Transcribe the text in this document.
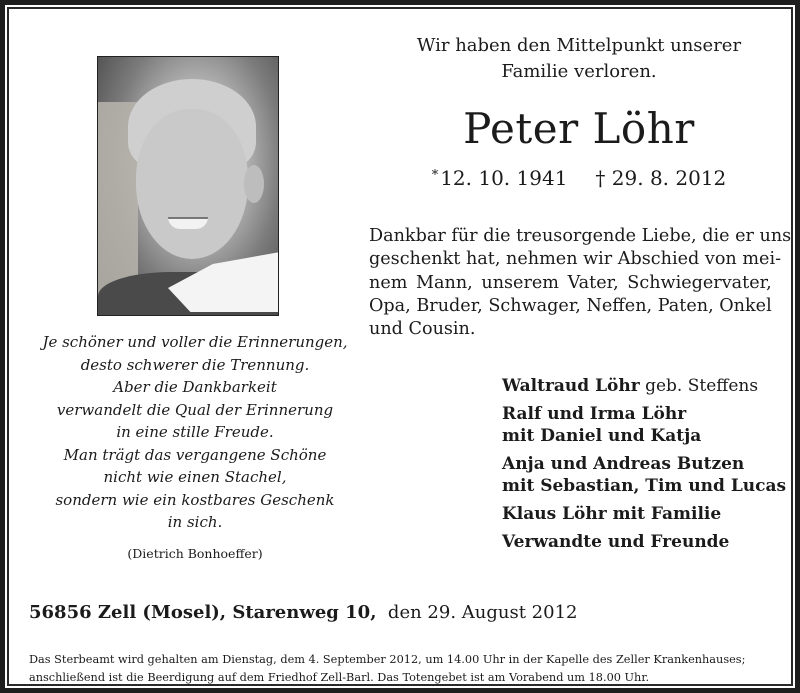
Je schöner und voller die Erinnerungen,
desto schwerer die Trennung.
Aber die Dankbarkeit
verwandelt die Qual der Erinnerung
in eine stille Freude.
Man trägt das vergangene Schöne
nicht wie einen Stachel,
sondern wie ein kostbares Geschenk
in sich.
(Dietrich Bonhoeffer)
Wir haben den Mittelpunkt unserer
Familie verloren.
Peter Löhr
* 12. 10. 1941 † 29. 8. 2012
Dankbar für die treusorgende Liebe, die er uns
geschenkt hat, nehmen wir Abschied von mei-
nem Mann, unserem Vater, Schwiegervater,
Opa, Bruder, Schwager, Neffen, Paten, Onkel
und Cousin.
Waltraud Löhr geb. Steffens
Ralf und Irma Löhr
mit Daniel und Katja
Anja und Andreas Butzen
mit Sebastian, Tim und Lucas
Klaus Löhr mit Familie
Verwandte und Freunde
56856 Zell (Mosel), Starenweg 10, den 29. August 2012
Das Sterbeamt wird gehalten am Dienstag, dem 4. September 2012, um 14.00 Uhr in der Kapelle des Zeller Krankenhauses;
anschließend ist die Beerdigung auf dem Friedhof Zell-Barl. Das Totengebet ist am Vorabend um 18.00 Uhr.
